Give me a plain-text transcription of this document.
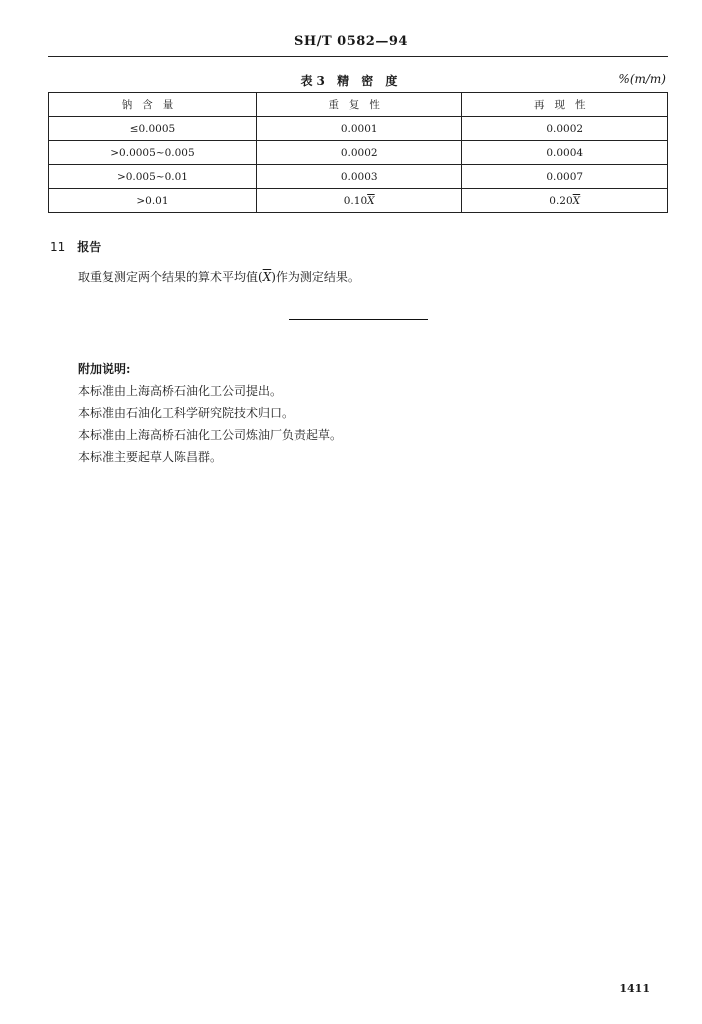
SH/T 0582—94
表3 精 密 度	%(m/m)
钠含量	重复性	再现性
≤0.0005	0.0001	0.0002
>0.0005~0.005	0.0002	0.0004
>0.005~0.01	0.0003	0.0007
>0.01	$0.10\overline{X}$	$0.20\overline{X}$
11 报告
取重复测定两个结果的算术平均值$(\overline{X})$作为测定结果。
附加说明:
本标准由上海高桥石油化工公司提出。
本标准由石油化工科学研究院技术归口。
本标准由上海高桥石油化工公司炼油厂负责起草。
本标准主要起草人陈昌群。
1411
